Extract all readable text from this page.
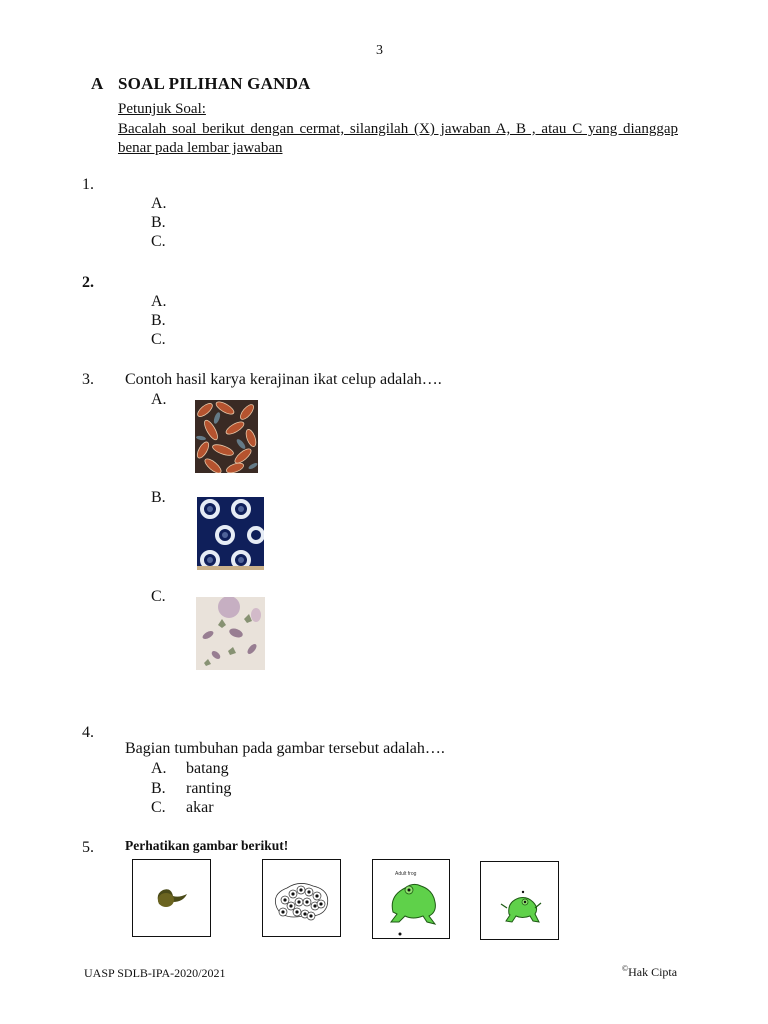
3
A SOAL PILIHAN GANDA
Petunjuk Soal:
Bacalah soal berikut dengan cermat, silangilah (X) jawaban A, B , atau C yang dianggap benar pada lembar jawaban
1.
A.
B.
C.
2.
A.
B.
C.
3. Contoh hasil karya kerajinan ikat celup adalah….
A.
B.
C.
4.
Bagian tumbuhan pada gambar tersebut adalah….
A. batang
B. ranting
C. akar
5. Perhatikan gambar berikut!
Adult frog
UASP SDLB-IPA-2020/2021	©Hak Cipta
